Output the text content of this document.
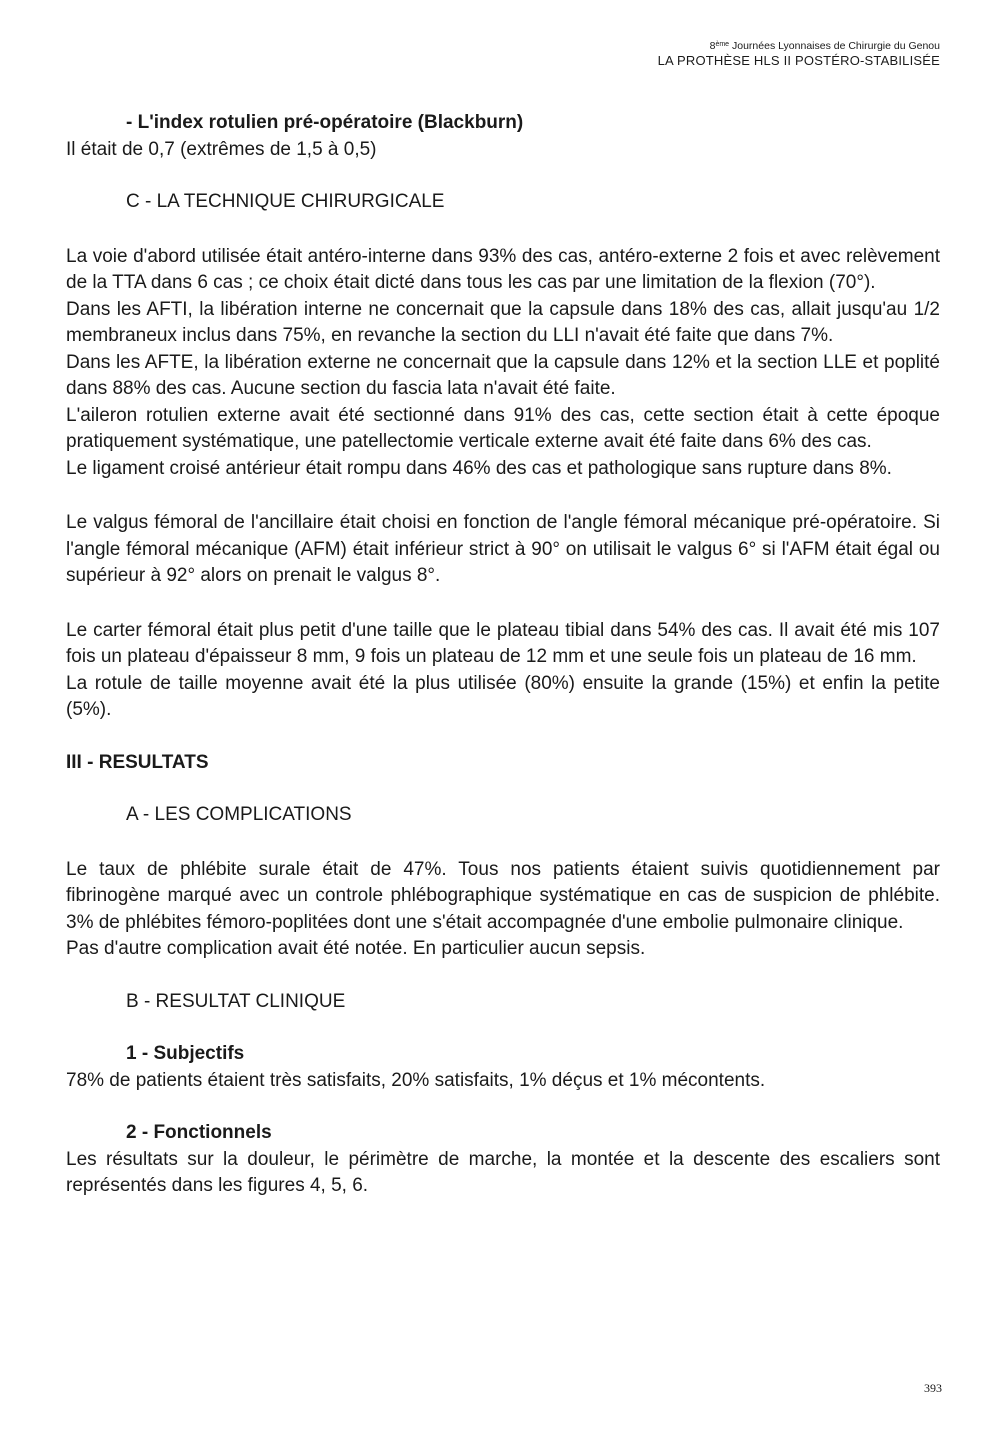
8ème Journées Lyonnaises de Chirurgie du Genou
LA PROTHÈSE HLS II POSTÉRO-STABILISÉE

- L'index rotulien pré-opératoire (Blackburn)

Il était de 0,7 (extrêmes de 1,5 à 0,5)

C - LA TECHNIQUE CHIRURGICALE

La voie d'abord utilisée était antéro-interne dans 93% des cas, antéro-externe 2 fois et avec relèvement de la TTA dans 6 cas ; ce choix était dicté dans tous les cas par une limitation de la flexion (70°).

Dans les AFTI, la libération interne ne concernait que la capsule dans 18% des cas, allait jusqu'au 1/2 membraneux inclus dans 75%, en revanche la section du LLI n'avait été faite que dans 7%.

Dans les AFTE, la libération externe ne concernait que la capsule dans 12% et la section LLE et poplité dans 88% des cas. Aucune section du fascia lata n'avait été faite.

L'aileron rotulien externe avait été sectionné dans 91% des cas, cette section était à cette époque pratiquement systématique, une patellectomie verticale externe avait été faite dans 6% des cas.

Le ligament croisé antérieur était rompu dans 46% des cas et pathologique sans rupture dans 8%.

Le valgus fémoral de l'ancillaire était choisi en fonction de l'angle fémoral mécanique pré-opératoire. Si l'angle fémoral mécanique (AFM) était inférieur strict à 90° on utilisait le valgus 6° si l'AFM était égal ou supérieur à 92° alors on prenait le valgus 8°.

Le carter fémoral était plus petit d'une taille que le plateau tibial dans 54% des cas. Il avait été mis 107 fois un plateau d'épaisseur 8 mm, 9 fois un plateau de 12 mm et une seule fois un plateau de 16 mm.

La rotule de taille moyenne avait été la plus utilisée (80%) ensuite la grande (15%) et enfin la petite (5%).

III - RESULTATS

A - LES COMPLICATIONS

Le taux de phlébite surale était de 47%. Tous nos patients étaient suivis quotidiennement par fibrinogène marqué avec un controle phlébographique systématique en cas de suspicion de phlébite. 3% de phlébites fémoro-poplitées dont une s'était accompagnée d'une embolie pulmonaire clinique.

Pas d'autre complication avait été notée. En particulier aucun sepsis.

B - RESULTAT CLINIQUE

1 - Subjectifs

78% de patients étaient très satisfaits, 20% satisfaits, 1% déçus et 1% mécontents.

2 - Fonctionnels

Les résultats sur la douleur, le périmètre de marche, la montée et la descente des escaliers sont représentés dans les figures 4, 5, 6.

393
